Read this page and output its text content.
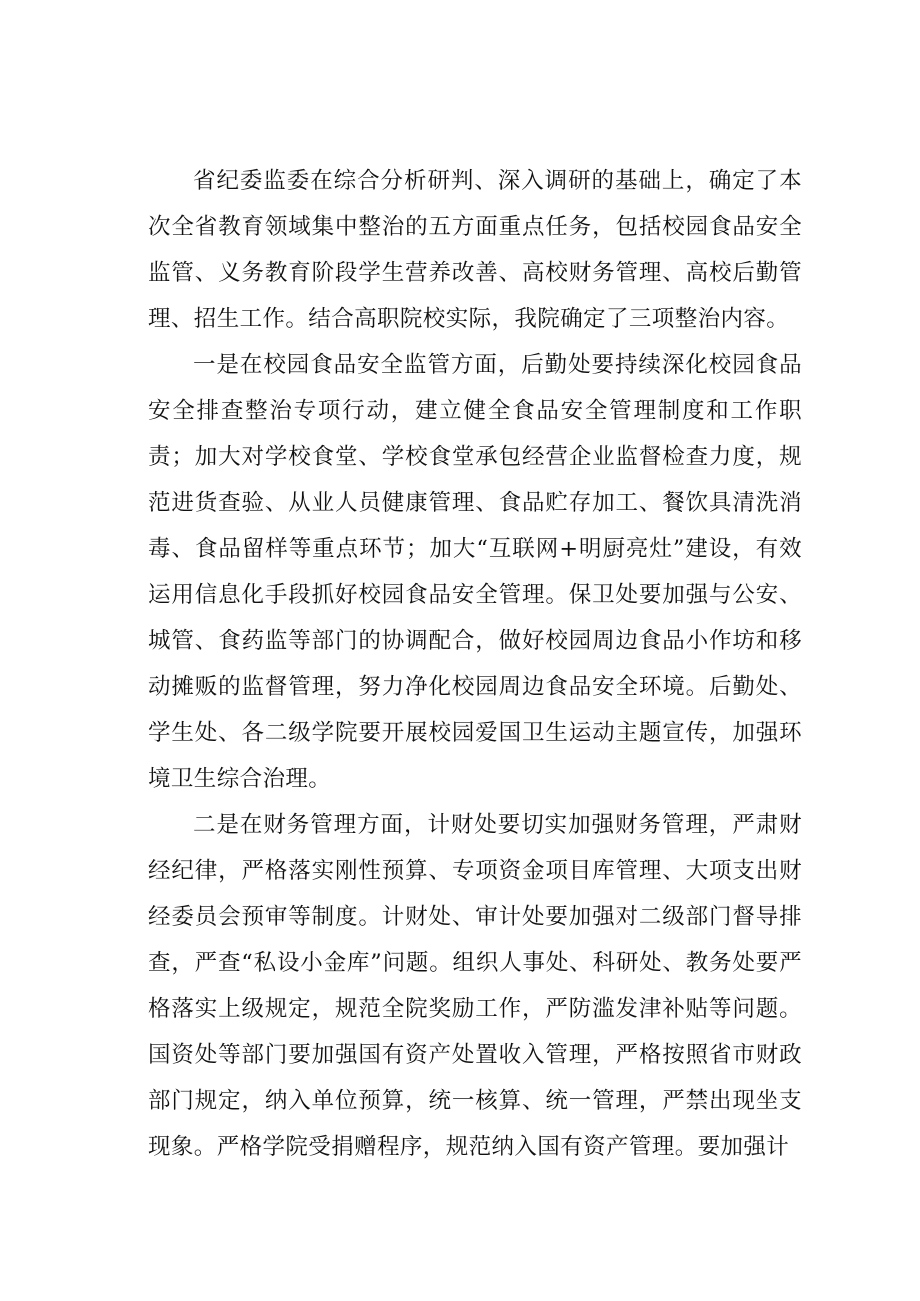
省纪委监委在综合分析研判、深入调研的基础上，确定了本次全省教育领域集中整治的五方面重点任务，包括校园食品安全监管、义务教育阶段学生营养改善、高校财务管理、高校后勤管理、招生工作。结合高职院校实际，我院确定了三项整治内容。

一是在校园食品安全监管方面，后勤处要持续深化校园食品安全排查整治专项行动，建立健全食品安全管理制度和工作职责；加大对学校食堂、学校食堂承包经营企业监督检查力度，规范进货查验、从业人员健康管理、食品贮存加工、餐饮具清洗消毒、食品留样等重点环节；加大“互联网+明厨亮灶”建设，有效运用信息化手段抓好校园食品安全管理。保卫处要加强与公安、城管、食药监等部门的协调配合，做好校园周边食品小作坊和移动摊贩的监督管理，努力净化校园周边食品安全环境。后勤处、学生处、各二级学院要开展校园爱国卫生运动主题宣传，加强环境卫生综合治理。

二是在财务管理方面，计财处要切实加强财务管理，严肃财经纪律，严格落实刚性预算、专项资金项目库管理、大项支出财经委员会预审等制度。计财处、审计处要加强对二级部门督导排查，严查“私设小金库”问题。组织人事处、科研处、教务处要严格落实上级规定，规范全院奖励工作，严防滥发津补贴等问题。国资处等部门要加强国有资产处置收入管理，严格按照省市财政部门规定，纳入单位预算，统一核算、统一管理，严禁出现坐支现象。严格学院受捐赠程序，规范纳入国有资产管理。要加强计
